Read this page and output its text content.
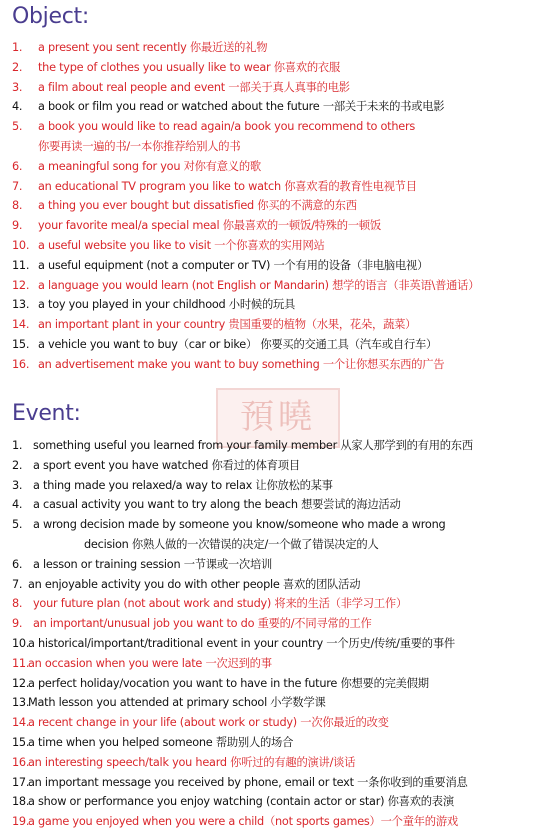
Object:
1. a present you sent recently 你最近送的礼物
2. the type of clothes you usually like to wear 你喜欢的衣服
3. a film about real people and event 一部关于真人真事的电影
4. a book or film you read or watched about the future 一部关于未来的书或电影
5. a book you would like to read again/a book you recommend to others
你要再读一遍的书/一本你推荐给别人的书
6. a meaningful song for you 对你有意义的歌
7. an educational TV program you like to watch 你喜欢看的教育性电视节目
8. a thing you ever bought but dissatisfied 你买的不满意的东西
9. your favorite meal/a special meal 你最喜欢的一顿饭/特殊的一顿饭
10. a useful website you like to visit 一个你喜欢的实用网站
11. a useful equipment (not a computer or TV) 一个有用的设备（非电脑电视）
12. a language you would learn (not English or Mandarin) 想学的语言（非英语\普通话）
13. a toy you played in your childhood 小时候的玩具
14. an important plant in your country 贵国重要的植物（水果，花朵，蔬菜）
15. a vehicle you want to buy（car or bike） 你要买的交通工具（汽车或自行车）
16. an advertisement make you want to buy something 一个让你想买东西的广告
預曉
Event:
1. something useful you learned from your family member 从家人那学到的有用的东西
2. a sport event you have watched 你看过的体育项目
3. a thing made you relaxed/a way to relax 让你放松的某事
4. a casual activity you want to try along the beach 想要尝试的海边活动
5. a wrong decision made by someone you know/someone who made a wrong
decision 你熟人做的一次错误的决定/一个做了错误决定的人
6. a lesson or training session 一节课或一次培训
7. an enjoyable activity you do with other people 喜欢的团队活动
8. your future plan (not about work and study) 将来的生活（非学习工作）
9. an important/unusual job you want to do 重要的/不同寻常的工作
10.
a historical/important/traditional event in your country 一个历史/传统/重要的事件
11.
an occasion when you were late 一次迟到的事
12.
a perfect holiday/vocation you want to have in the future 你想要的完美假期
13.
Math lesson you attended at primary school 小学数学课
14.
a recent change in your life (about work or study) 一次你最近的改变
15.
a time when you helped someone 帮助别人的场合
16.
an interesting speech/talk you heard 你听过的有趣的演讲/谈话
17.
an important message you received by phone, email or text 一条你收到的重要消息
18.
a show or performance you enjoy watching (contain actor or star) 你喜欢的表演
19.
a game you enjoyed when you were a child（not sports games）一个童年的游戏
